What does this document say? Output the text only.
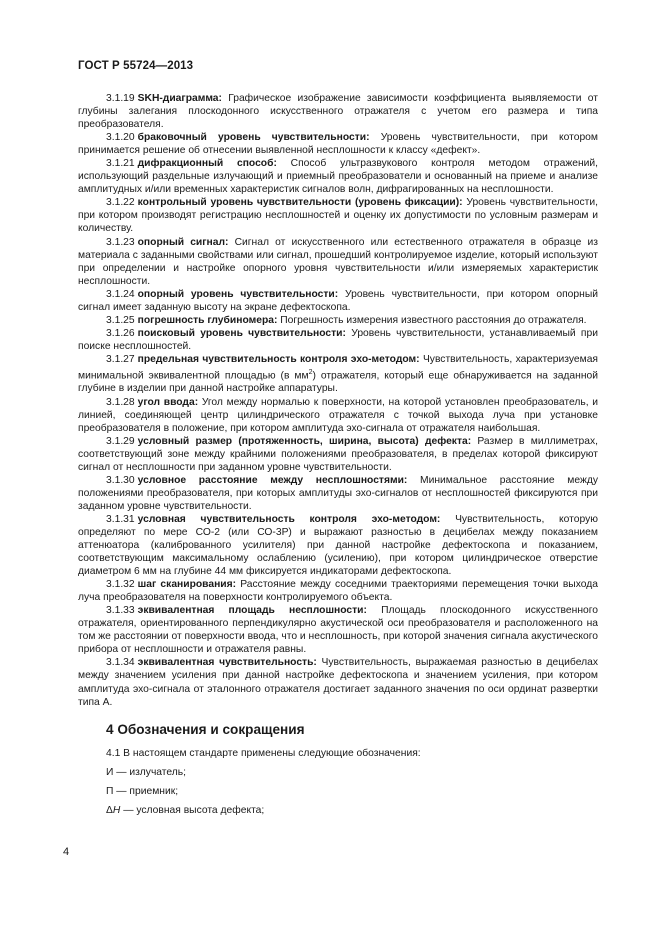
ГОСТ Р 55724—2013

3.1.19 SKH-диаграмма: Графическое изображение зависимости коэффициента выявляемости от глубины залегания плоскодонного искусственного отражателя с учетом его размера и типа преобразователя.

3.1.20 браковочный уровень чувствительности: Уровень чувствительности, при котором принимается решение об отнесении выявленной несплошности к классу «дефект».

3.1.21 дифракционный способ: Способ ультразвукового контроля методом отражений, использующий раздельные излучающий и приемный преобразователи и основанный на приеме и анализе амплитудных и/или временных характеристик сигналов волн, дифрагированных на несплошности.

3.1.22 контрольный уровень чувствительности (уровень фиксации): Уровень чувствительности, при котором производят регистрацию несплошностей и оценку их допустимости по условным размерам и количеству.

3.1.23 опорный сигнал: Сигнал от искусственного или естественного отражателя в образце из материала с заданными свойствами или сигнал, прошедший контролируемое изделие, который используют при определении и настройке опорного уровня чувствительности и/или измеряемых характеристик несплошности.

3.1.24 опорный уровень чувствительности: Уровень чувствительности, при котором опорный сигнал имеет заданную высоту на экране дефектоскопа.

3.1.25 погрешность глубиномера: Погрешность измерения известного расстояния до отражателя.

3.1.26 поисковый уровень чувствительности: Уровень чувствительности, устанавливаемый при поиске несплошностей.

3.1.27 предельная чувствительность контроля эхо-методом: Чувствительность, характеризуемая минимальной эквивалентной площадью (в $мм^2$) отражателя, который еще обнаруживается на заданной глубине в изделии при данной настройке аппаратуры.

3.1.28 угол ввода: Угол между нормалью к поверхности, на которой установлен преобразователь, и линией, соединяющей центр цилиндрического отражателя с точкой выхода луча при установке преобразователя в положение, при котором амплитуда эхо-сигнала от отражателя наибольшая.

3.1.29 условный размер (протяженность, ширина, высота) дефекта: Размер в миллиметрах, соответствующий зоне между крайними положениями преобразователя, в пределах которой фиксируют сигнал от несплошности при заданном уровне чувствительности.

3.1.30 условное расстояние между несплошностями: Минимальное расстояние между положениями преобразователя, при которых амплитуды эхо-сигналов от несплошностей фиксируются при заданном уровне чувствительности.

3.1.31 условная чувствительность контроля эхо-методом: Чувствительность, которую определяют по мере СО-2 (или СО-3Р) и выражают разностью в децибелах между показанием аттенюатора (калиброванного усилителя) при данной настройке дефектоскопа и показанием, соответствующим максимальному ослаблению (усилению), при котором цилиндрическое отверстие диаметром 6 мм на глубине 44 мм фиксируется индикаторами дефектоскопа.

3.1.32 шаг сканирования: Расстояние между соседними траекториями перемещения точки выхода луча преобразователя на поверхности контролируемого объекта.

3.1.33 эквивалентная площадь несплошности: Площадь плоскодонного искусственного отражателя, ориентированного перпендикулярно акустической оси преобразователя и расположенного на том же расстоянии от поверхности ввода, что и несплошность, при которой значения сигнала акустического прибора от несплошности и отражателя равны.

3.1.34 эквивалентная чувствительность: Чувствительность, выражаемая разностью в децибелах между значением усиления при данной настройке дефектоскопа и значением усиления, при котором амплитуда эхо-сигнала от эталонного отражателя достигает заданного значения по оси ординат развертки типа А.

4 Обозначения и сокращения

4.1 В настоящем стандарте применены следующие обозначения:

И — излучатель;

П — приемник;

ΔH — условная высота дефекта;

4
